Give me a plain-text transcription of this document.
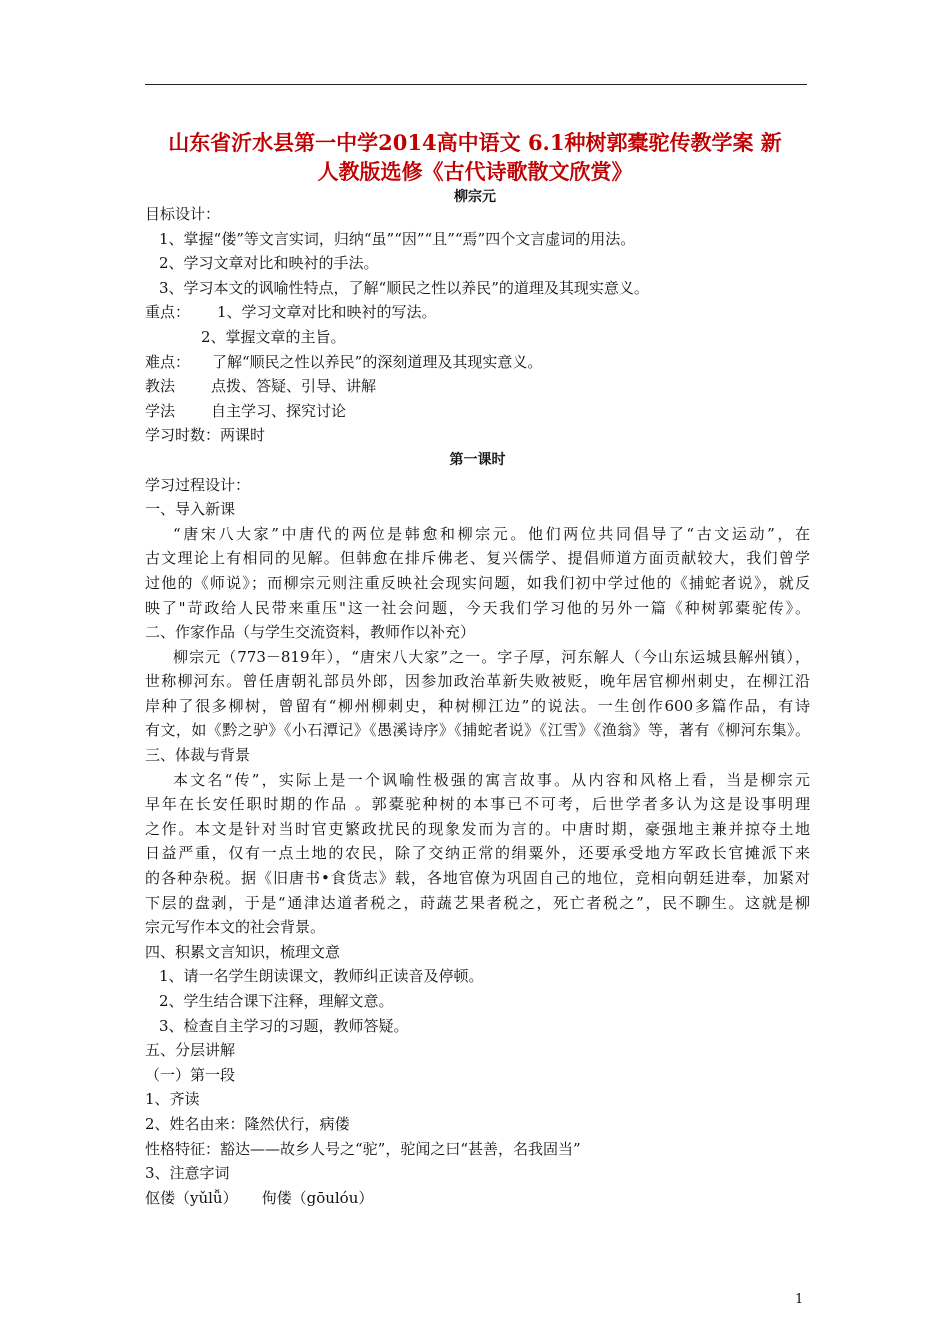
山东省沂水县第一中学2014高中语文 6.1种树郭橐驼传教学案 新
人教版选修《古代诗歌散文欣赏》
柳宗元
目标设计：
1、掌握“偻”等文言实词，归纳“虽”“因”“且”“焉”四个文言虚词的用法。
2、学习文章对比和映衬的手法。
3、学习本文的讽喻性特点，了解“顺民之性以养民”的道理及其现实意义。
重点： 1、学习文章对比和映衬的写法。
2、掌握文章的主旨。
难点： 了解“顺民之性以养民”的深刻道理及其现实意义。
教法 点拨、答疑、引导、讲解
学法 自主学习、探究讨论
学习时数：两课时
第一课时
学习过程设计：
一、导入新课
“唐宋八大家”中唐代的两位是韩愈和柳宗元。他们两位共同倡导了“古文运动”，在
古文理论上有相同的见解。但韩愈在排斥佛老、复兴儒学、提倡师道方面贡献较大，我们曾学
过他的《师说》；而柳宗元则注重反映社会现实问题，如我们初中学过他的《捕蛇者说》，就反
映了"苛政给人民带来重压"这一社会问题，今天我们学习他的另外一篇《种树郭橐驼传》。
二、作家作品（与学生交流资料，教师作以补充）
柳宗元（773－819年），“唐宋八大家”之一。字子厚，河东解人（今山东运城县解州镇），
世称柳河东。曾任唐朝礼部员外郎，因参加政治革新失败被贬，晚年居官柳州刺史，在柳江沿
岸种了很多柳树，曾留有“柳州柳刺史，种树柳江边”的说法。一生创作600多篇作品，有诗
有文，如《黔之驴》《小石潭记》《愚溪诗序》《捕蛇者说》《江雪》《渔翁》等，著有《柳河东集》。
三、体裁与背景
本文名“传”，实际上是一个讽喻性极强的寓言故事。从内容和风格上看，当是柳宗元
早年在长安任职时期的作品 。郭橐驼种树的本事已不可考，后世学者多认为这是设事明理
之作。本文是针对当时官吏繁政扰民的现象发而为言的。中唐时期，豪强地主兼并掠夺土地
日益严重，仅有一点土地的农民，除了交纳正常的绢粟外，还要承受地方军政长官摊派下来
的各种杂税。据《旧唐书•食货志》载，各地官僚为巩固自己的地位，竞相向朝廷进奉，加紧对
下层的盘剥，于是“通津达道者税之，莳蔬艺果者税之，死亡者税之”，民不聊生。这就是柳
宗元写作本文的社会背景。
四、积累文言知识，梳理文意
1、请一名学生朗读课文，教师纠正读音及停顿。
2、学生结合课下注释，理解文意。
3、检查自主学习的习题，教师答疑。
五、分层讲解
（一）第一段
1、齐读
2、姓名由来：隆然伏行，病偻
性格特征：豁达——故乡人号之“驼”，驼闻之曰“甚善，名我固当”
3、注意字词
伛偻（yǔlǚ） 佝偻（gōulóu）
1
